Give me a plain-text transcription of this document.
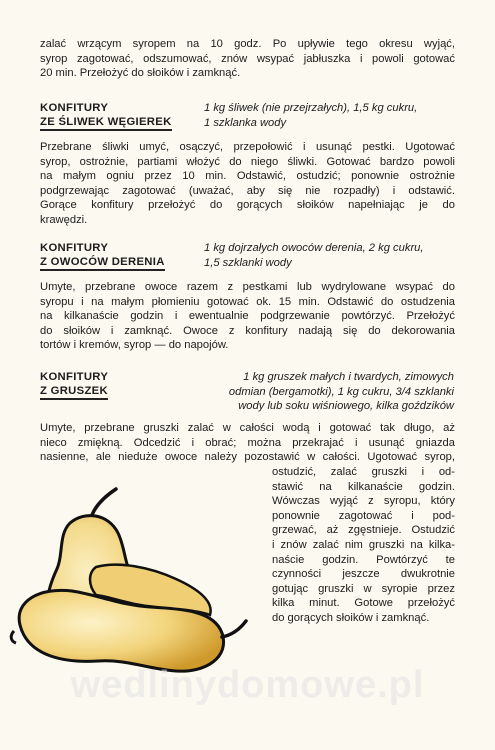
zalać wrzącym syropem na 10 godz. Po upływie tego okresu wyjąć,
syrop zagotować, odszumować, znów wsypać jabłuszka i powoli gotować
20 min. Przełożyć do słoików i zamknąć.
KONFITURY
ZE ŚLIWEK WĘGIEREK
1 kg śliwek (nie przejrzałych), 1,5 kg cukru,
1 szklanka wody
Przebrane śliwki umyć, osączyć, przepołowić i usunąć pestki. Ugotować
syrop, ostrożnie, partiami włożyć do niego śliwki. Gotować bardzo powoli
na małym ogniu przez 10 min. Odstawić, ostudzić; ponownie ostrożnie
podgrzewając zagotować (uważać, aby się nie rozpadły) i odstawić.
Gorące konfitury przełożyć do gorących słoików napełniając je do
krawędzi.
KONFITURY
Z OWOCÓW DERENIA
1 kg dojrzałych owoców derenia, 2 kg cukru,
1,5 szklanki wody
Umyte, przebrane owoce razem z pestkami lub wydrylowane wsypać do
syropu i na małym płomieniu gotować ok. 15 min. Odstawić do ostudzenia
na kilkanaście godzin i ewentualnie podgrzewanie powtórzyć. Przełożyć
do słoików i zamknąć. Owoce z konfitury nadają się do dekorowania
tortów i kremów, syrop — do napojów.
KONFITURY
Z GRUSZEK
1 kg gruszek małych i twardych, zimowych
odmian (bergamotki), 1 kg cukru, 3/4 szklanki
wody lub soku wiśniowego, kilka goździków
Umyte, przebrane gruszki zalać w całości wodą i gotować tak długo, aż
nieco zmiękną. Odcedzić i obrać; można przekrajać i usunąć gniazda
nasienne, ale nieduże owoce należy pozostawić w całości. Ugotować syrop,
ostudzić, zalać gruszki i od-
stawić na kilkanaście godzin.
Wówczas wyjąć z syropu, który
ponownie zagotować i pod-
grzewać, aż zgęstnieje. Ostudzić
i znów zalać nim gruszki na kilka-
naście godzin. Powtórzyć te
czynności jeszcze dwukrotnie
gotując gruszki w syropie przez
kilka minut. Gotowe przełożyć
do gorących słoików i zamknąć.
wedlinydomowe.pl
